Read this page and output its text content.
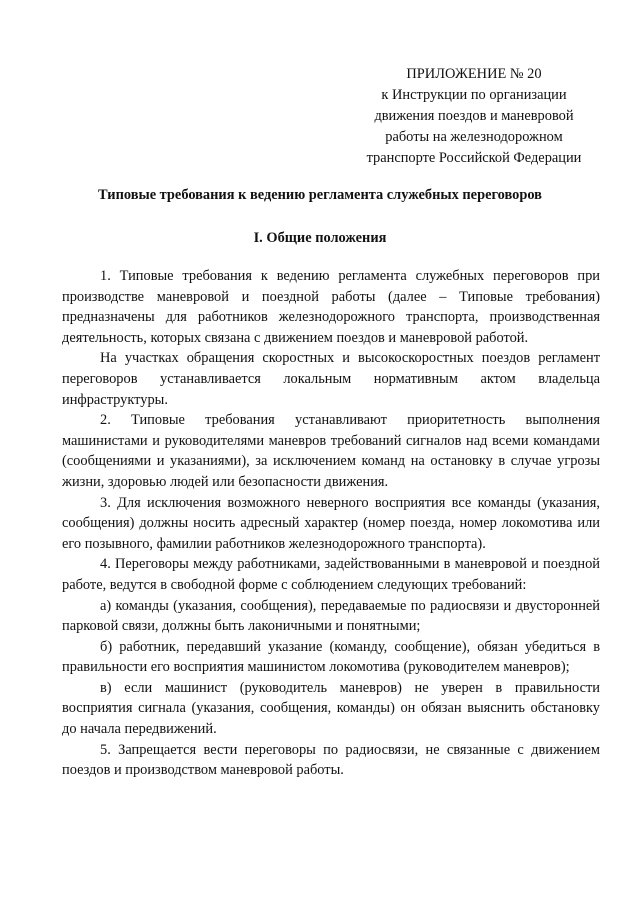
ПРИЛОЖЕНИЕ № 20
к Инструкции по организации
движения поездов и маневровой
работы на железнодорожном
транспорте Российской Федерации
Типовые требования к ведению регламента служебных переговоров
I. Общие положения

1. Типовые требования к ведению регламента служебных переговоров при производстве маневровой и поездной работы (далее – Типовые требования) предназначены для работников железнодорожного транспорта, производственная деятельность, которых связана с движением поездов и маневровой работой.

На участках обращения скоростных и высокоскоростных поездов регламент переговоров устанавливается локальным нормативным актом владельца инфраструктуры.

2. Типовые требования устанавливают приоритетность выполнения машинистами и руководителями маневров требований сигналов над всеми командами (сообщениями и указаниями), за исключением команд на остановку в случае угрозы жизни, здоровью людей или безопасности движения.

3. Для исключения возможного неверного восприятия все команды (указания, сообщения) должны носить адресный характер (номер поезда, номер локомотива или его позывного, фамилии работников железнодорожного транспорта).

4. Переговоры между работниками, задействованными в маневровой и поездной работе, ведутся в свободной форме с соблюдением следующих требований:

а) команды (указания, сообщения), передаваемые по радиосвязи и двусторонней парковой связи, должны быть лаконичными и понятными;

б) работник, передавший указание (команду, сообщение), обязан убедиться в правильности его восприятия машинистом локомотива (руководителем маневров);

в) если машинист (руководитель маневров) не уверен в правильности восприятия сигнала (указания, сообщения, команды) он обязан выяснить обстановку до начала передвижений.

5. Запрещается вести переговоры по радиосвязи, не связанные с движением поездов и производством маневровой работы.
